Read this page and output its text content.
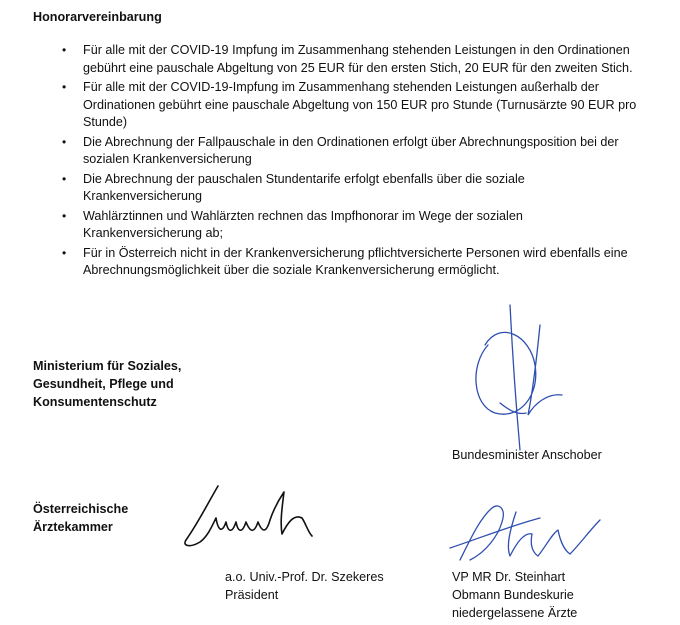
Honorarvereinbarung

• Für alle mit der COVID-19 Impfung im Zusammenhang stehenden Leistungen in den Ordinationen gebührt eine pauschale Abgeltung von 25 EUR für den ersten Stich, 20 EUR für den zweiten Stich.
• Für alle mit der COVID-19-Impfung im Zusammenhang stehenden Leistungen außerhalb der Ordinationen gebührt eine pauschale Abgeltung von 150 EUR pro Stunde (Turnusärzte 90 EUR pro Stunde)
• Die Abrechnung der Fallpauschale in den Ordinationen erfolgt über Abrechnungsposition bei der sozialen Krankenversicherung
• Die Abrechnung der pauschalen Stundentarife erfolgt ebenfalls über die soziale Krankenversicherung
• Wahlärztinnen und Wahlärzten rechnen das Impfhonorar im Wege der sozialen Krankenversicherung ab;
• Für in Österreich nicht in der Krankenversicherung pflichtversicherte Personen wird ebenfalls eine Abrechnungsmöglichkeit über die soziale Krankenversicherung ermöglicht.
Ministerium für Soziales,
Gesundheit, Pflege und
Konsumentenschutz
Bundesminister Anschober
Österreichische
Ärztekammer
a.o. Univ.-Prof. Dr. Szekeres
Präsident
VP MR Dr. Steinhart
Obmann Bundeskurie
niedergelassene Ärzte
